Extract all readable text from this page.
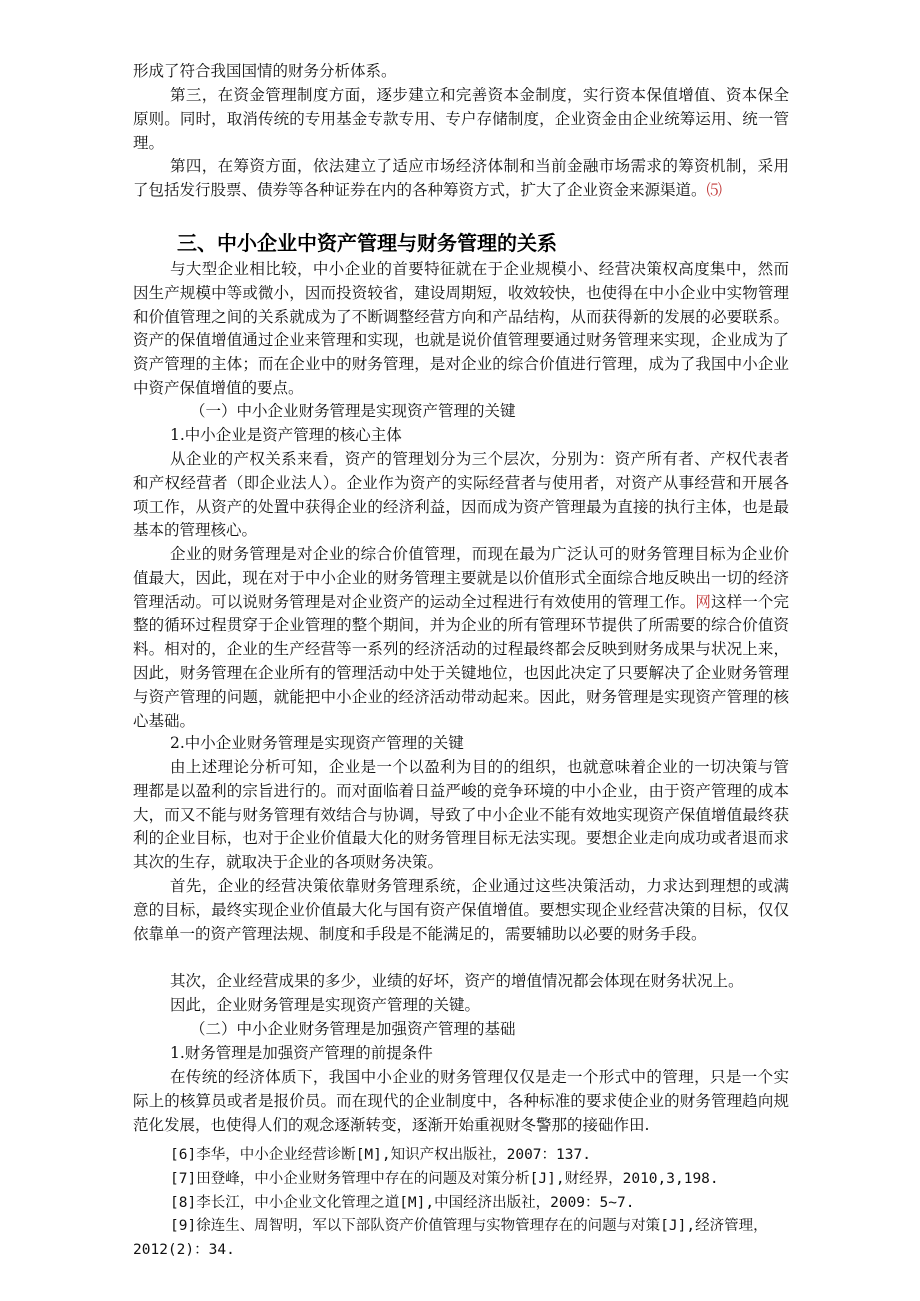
形成了符合我国国情的财务分析体系。

第三，在资金管理制度方面，逐步建立和完善资本金制度，实行资本保值增值、资本保全原则。同时，取消传统的专用基金专款专用、专户存储制度，企业资金由企业统筹运用、统一管理。

第四，在筹资方面，依法建立了适应市场经济体制和当前金融市场需求的筹资机制，采用了包括发行股票、债券等各种证券在内的各种筹资方式，扩大了企业资金来源渠道。⑸

三、中小企业中资产管理与财务管理的关系

与大型企业相比较，中小企业的首要特征就在于企业规模小、经营决策权高度集中，然而因生产规模中等或微小，因而投资较省，建设周期短，收效较快，也使得在中小企业中实物管理和价值管理之间的关系就成为了不断调整经营方向和产品结构，从而获得新的发展的必要联系。资产的保值增值通过企业来管理和实现，也就是说价值管理要通过财务管理来实现，企业成为了资产管理的主体；而在企业中的财务管理，是对企业的综合价值进行管理，成为了我国中小企业中资产保值增值的要点。

（一）中小企业财务管理是实现资产管理的关键

1.中小企业是资产管理的核心主体

从企业的产权关系来看，资产的管理划分为三个层次，分别为：资产所有者、产权代表者和产权经营者（即企业法人）。企业作为资产的实际经营者与使用者，对资产从事经营和开展各项工作，从资产的处置中获得企业的经济利益，因而成为资产管理最为直接的执行主体，也是最基本的管理核心。

企业的财务管理是对企业的综合价值管理，而现在最为广泛认可的财务管理目标为企业价值最大，因此，现在对于中小企业的财务管理主要就是以价值形式全面综合地反映出一切的经济管理活动。可以说财务管理是对企业资产的运动全过程进行有效使用的管理工作。网这样一个完整的循环过程贯穿于企业管理的整个期间，并为企业的所有管理环节提供了所需要的综合价值资料。相对的，企业的生产经营等一系列的经济活动的过程最终都会反映到财务成果与状况上来，因此，财务管理在企业所有的管理活动中处于关键地位，也因此决定了只要解决了企业财务管理与资产管理的问题，就能把中小企业的经济活动带动起来。因此，财务管理是实现资产管理的核心基础。

2.中小企业财务管理是实现资产管理的关键

由上述理论分析可知，企业是一个以盈利为目的的组织，也就意味着企业的一切决策与管理都是以盈利的宗旨进行的。而对面临着日益严峻的竞争环境的中小企业，由于资产管理的成本大，而又不能与财务管理有效结合与协调，导致了中小企业不能有效地实现资产保值增值最终获利的企业目标，也对于企业价值最大化的财务管理目标无法实现。要想企业走向成功或者退而求其次的生存，就取决于企业的各项财务决策。

首先，企业的经营决策依靠财务管理系统，企业通过这些决策活动，力求达到理想的或满意的目标，最终实现企业价值最大化与国有资产保值增值。要想实现企业经营决策的目标，仅仅依靠单一的资产管理法规、制度和手段是不能满足的，需要辅助以必要的财务手段。

其次，企业经营成果的多少，业绩的好坏，资产的增值情况都会体现在财务状况上。

因此，企业财务管理是实现资产管理的关键。

（二）中小企业财务管理是加强资产管理的基础

1.财务管理是加强资产管理的前提条件

在传统的经济体质下，我国中小企业的财务管理仅仅是走一个形式中的管理，只是一个实际上的核算员或者是报价员。而在现代的企业制度中，各种标准的要求使企业的财务管理趋向规范化发展，也使得人们的观念逐渐转变，逐渐开始重视财冬警那的接础作田.

[6]李华，中小企业经营诊断[M],知识产权出版社，2007：137.

[7]田登峰，中小企业财务管理中存在的问题及对策分析[J],财经界，2010,3,198.

[8]李长江，中小企业文化管理之道[M],中国经济出版社，2009：5~7.

[9]徐连生、周智明，军以下部队资产价值管理与实物管理存在的问题与对策[J],经济管理，2012(2)：34.
